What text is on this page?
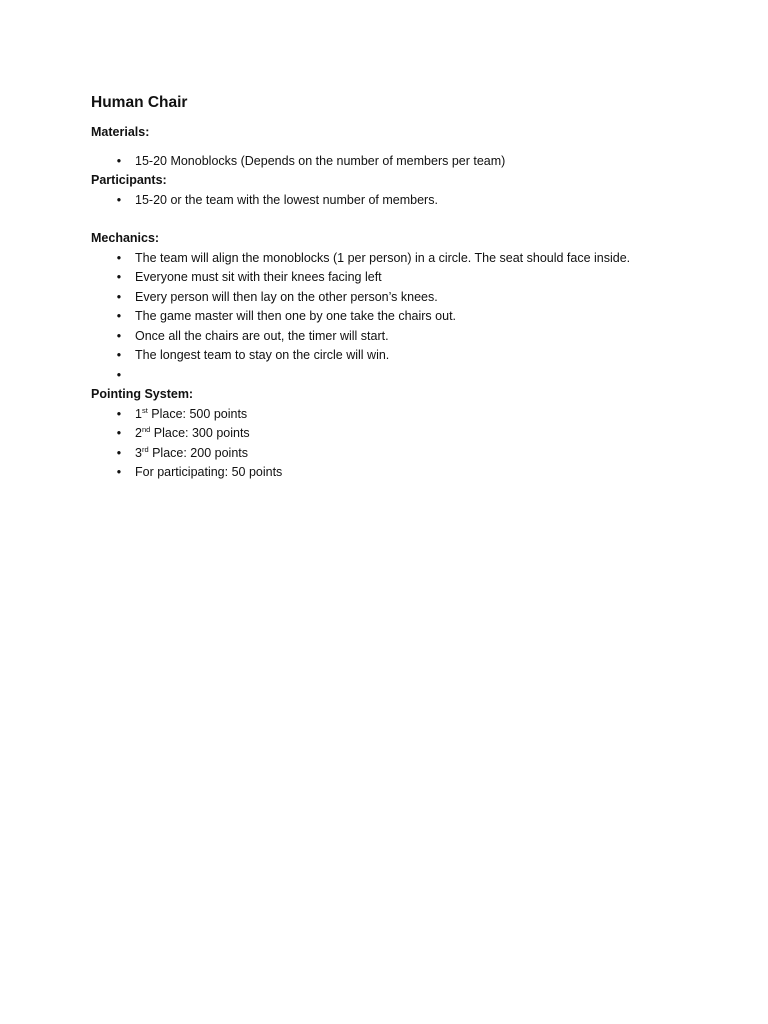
Human Chair
Materials:
• 15-20 Monoblocks (Depends on the number of members per team)
Participants:
• 15-20 or the team with the lowest number of members.
Mechanics:
• The team will align the monoblocks (1 per person) in a circle. The seat should face inside.
• Everyone must sit with their knees facing left
• Every person will then lay on the other person’s knees.
• The game master will then one by one take the chairs out.
• Once all the chairs are out, the timer will start.
• The longest team to stay on the circle will win.
•

Pointing System:
• 1st Place: 500 points
• 2nd Place: 300 points
• 3rd Place: 200 points
• For participating: 50 points
